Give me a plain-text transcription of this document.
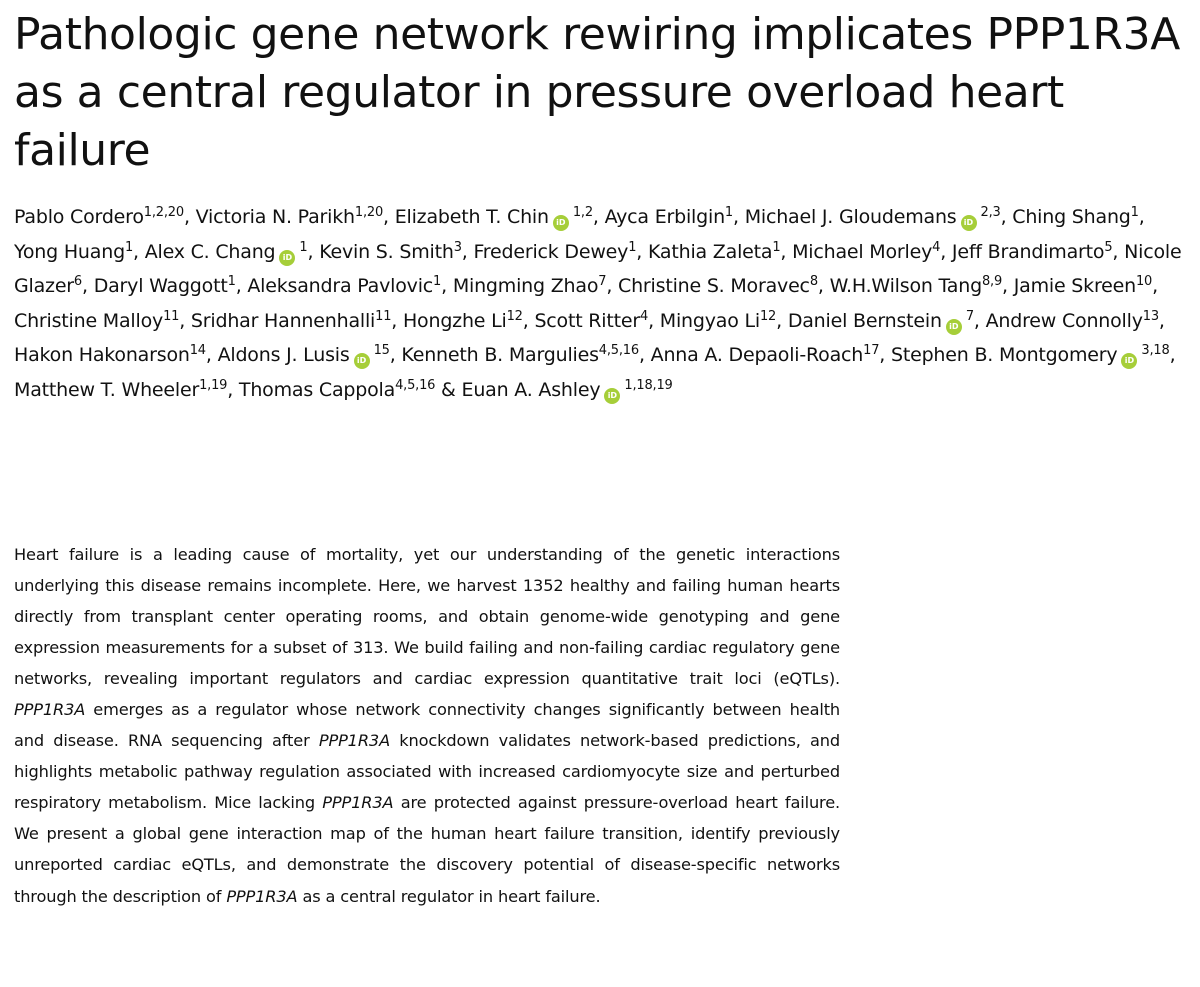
Pathologic gene network rewiring implicates PPP1R3A as a central regulator in pressure overload heart failure

Pablo Cordero$^{1,2,20}$, Victoria N. Parikh$^{1,20}$, Elizabeth T. Chin iD$^{1,2}$, Ayca Erbilgin$^1$, Michael J. Gloudemans iD$^{2,3}$, Ching Shang$^1$, Yong Huang$^1$, Alex C. Chang $iD^1$, Kevin S. Smith$^3$, Frederick Dewey$^1$, Kathia Zaleta$^1$, Michael Morley$^4$, Jeff Brandimarto$^5$, Nicole Glazer$^6$, Daryl Waggott$^1$, Aleksandra Pavlovic$^1$, Mingming Zhao$^7$, Christine S. Moravec$^8$, W.H.Wilson Tang$^{8,9}$, Jamie Skreen$^{10}$, Christine Malloy$^{11}$, Sridhar Hannenhalli$^{11}$, Hongzhe Li$^{12}$, Scott Ritter$^4$, Mingyao Li$^{12}$, Daniel Bernstein $iD^7$, Andrew Connolly$^{13}$, Hakon Hakonarson$^{14}$, Aldons J. Lusis $iD^{15}$, Kenneth B. Margulies$^{4,5,16}$, Anna A. Depaoli-Roach$^{17}$, Stephen B. Montgomery iD$^{3,18}$, Matthew T. Wheeler$^{1,19}$, Thomas Cappola$^{4,5,16}$ & Euan A. Ashley iD$^{1,18,19}$

Heart failure is a leading cause of mortality, yet our understanding of the genetic interactions underlying this disease remains incomplete. Here, we harvest 1352 healthy and failing human hearts directly from transplant center operating rooms, and obtain genome-wide genotyping and gene expression measurements for a subset of 313. We build failing and non-failing cardiac regulatory gene networks, revealing important regulators and cardiac expression quantitative trait loci (eQTLs). PPP1R3A emerges as a regulator whose network connectivity changes significantly between health and disease. RNA sequencing after PPP1R3A knockdown validates network-based predictions, and highlights metabolic pathway regulation associated with increased cardiomyocyte size and perturbed respiratory metabolism. Mice lacking PPP1R3A are protected against pressure-overload heart failure. We present a global gene interaction map of the human heart failure transition, identify previously unreported cardiac eQTLs, and demonstrate the discovery potential of disease-specific networks through the description of PPP1R3A as a central regulator in heart failure.
